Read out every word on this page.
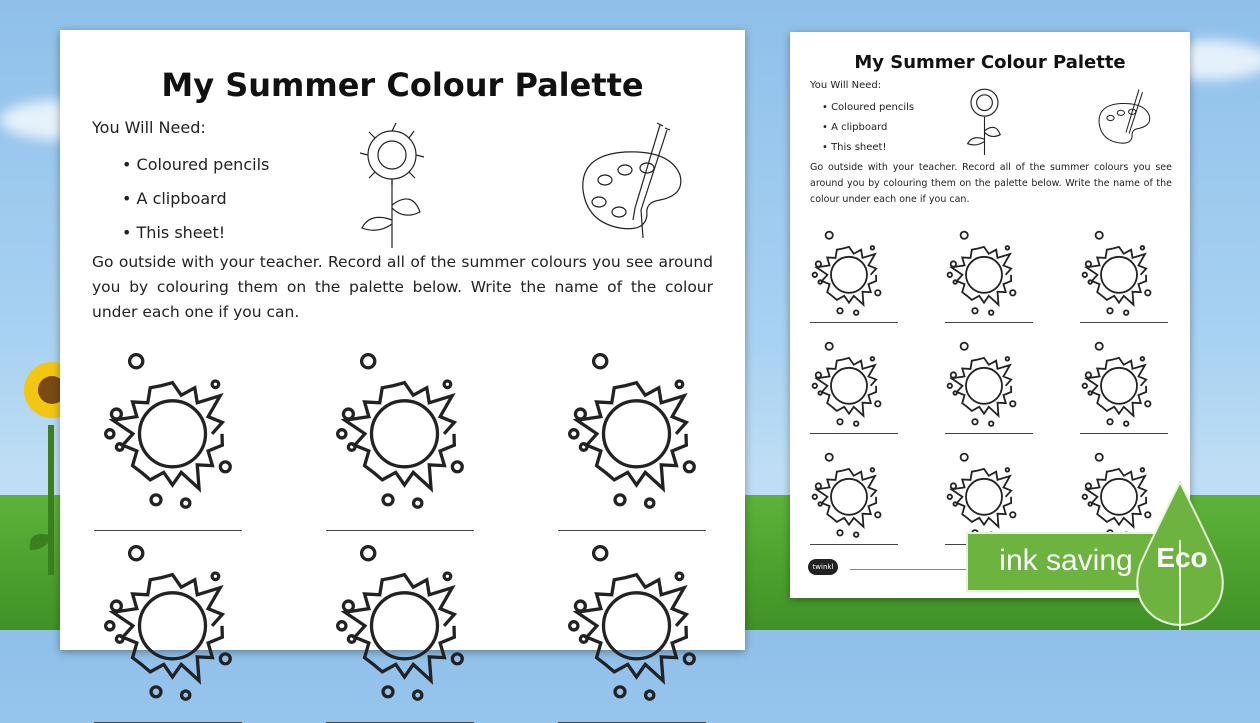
My Summer Colour Palette
You Will Need:
• Coloured pencils
• A clipboard
• This sheet!
Go outside with your teacher. Record all of the summer colours you see around you by colouring them on the palette below. Write the name of the colour under each one if you can.
My Summer Colour Palette
You Will Need:
• Coloured pencils
• A clipboard
• This sheet!
Go outside with your teacher. Record all of the summer colours you see around you by colouring them on the palette below. Write the name of the colour under each one if you can.
twinkl	ink saving Eco
